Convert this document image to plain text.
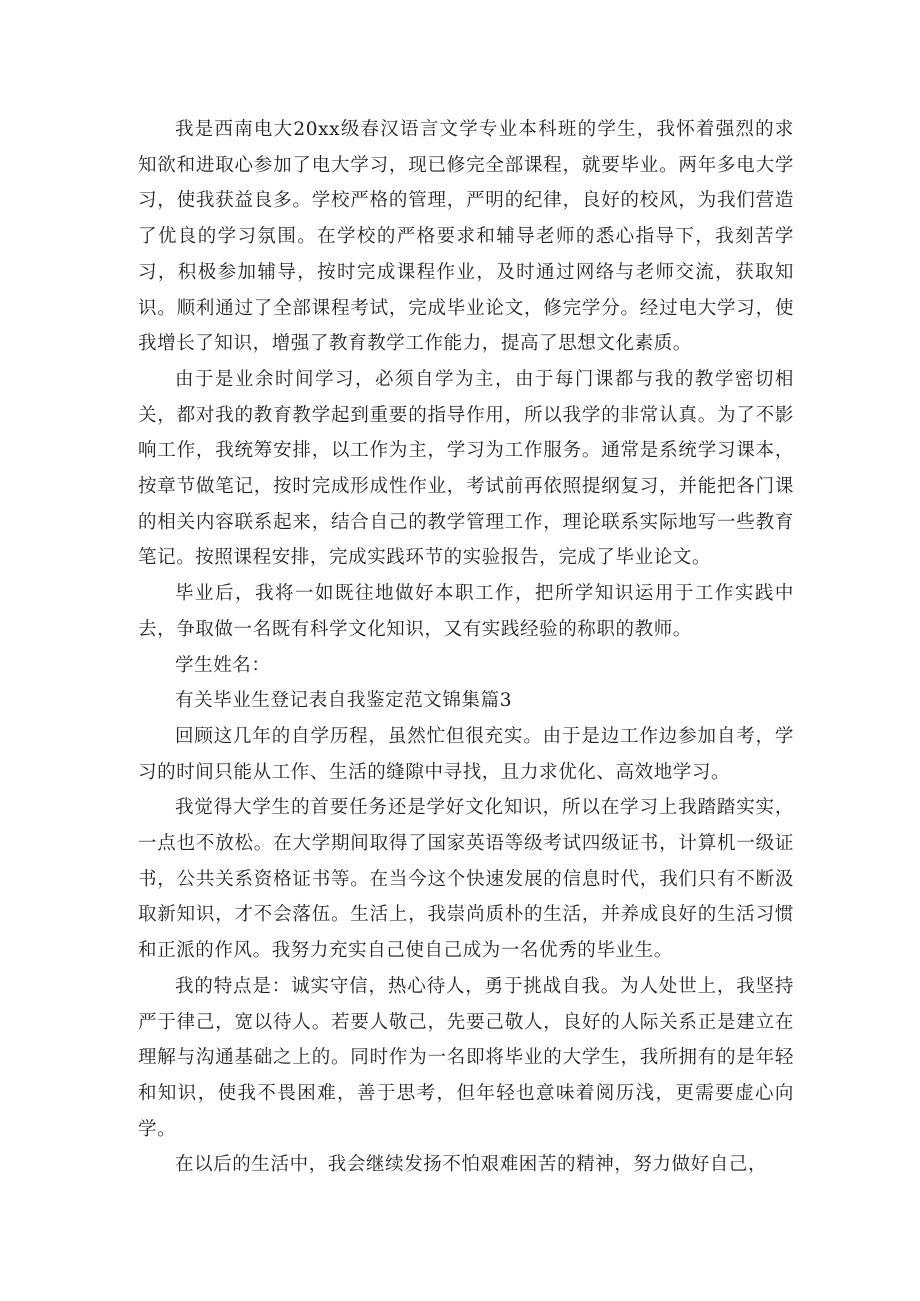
我是西南电大20xx级春汉语言文学专业本科班的学生，我怀着强烈的求知欲和进取心参加了电大学习，现已修完全部课程，就要毕业。两年多电大学习，使我获益良多。学校严格的管理，严明的纪律，良好的校风，为我们营造了优良的学习氛围。在学校的严格要求和辅导老师的悉心指导下，我刻苦学习，积极参加辅导，按时完成课程作业，及时通过网络与老师交流，获取知识。顺利通过了全部课程考试，完成毕业论文，修完学分。经过电大学习，使我增长了知识，增强了教育教学工作能力，提高了思想文化素质。

由于是业余时间学习，必须自学为主，由于每门课都与我的教学密切相关，都对我的教育教学起到重要的指导作用，所以我学的非常认真。为了不影响工作，我统筹安排，以工作为主，学习为工作服务。通常是系统学习课本，按章节做笔记，按时完成形成性作业，考试前再依照提纲复习，并能把各门课的相关内容联系起来，结合自己的教学管理工作，理论联系实际地写一些教育笔记。按照课程安排，完成实践环节的实验报告，完成了毕业论文。

毕业后，我将一如既往地做好本职工作，把所学知识运用于工作实践中去，争取做一名既有科学文化知识，又有实践经验的称职的教师。

学生姓名：

有关毕业生登记表自我鉴定范文锦集篇3

回顾这几年的自学历程，虽然忙但很充实。由于是边工作边参加自考，学习的时间只能从工作、生活的缝隙中寻找，且力求优化、高效地学习。

我觉得大学生的首要任务还是学好文化知识，所以在学习上我踏踏实实，一点也不放松。在大学期间取得了国家英语等级考试四级证书，计算机一级证书，公共关系资格证书等。在当今这个快速发展的信息时代，我们只有不断汲取新知识，才不会落伍。生活上，我崇尚质朴的生活，并养成良好的生活习惯和正派的作风。我努力充实自己使自己成为一名优秀的毕业生。

我的特点是：诚实守信，热心待人，勇于挑战自我。为人处世上，我坚持严于律己，宽以待人。若要人敬己，先要己敬人，良好的人际关系正是建立在理解与沟通基础之上的。同时作为一名即将毕业的大学生，我所拥有的是年轻和知识，使我不畏困难，善于思考，但年轻也意味着阅历浅，更需要虚心向学。

在以后的生活中，我会继续发扬不怕艰难困苦的精神，努力做好自己，
